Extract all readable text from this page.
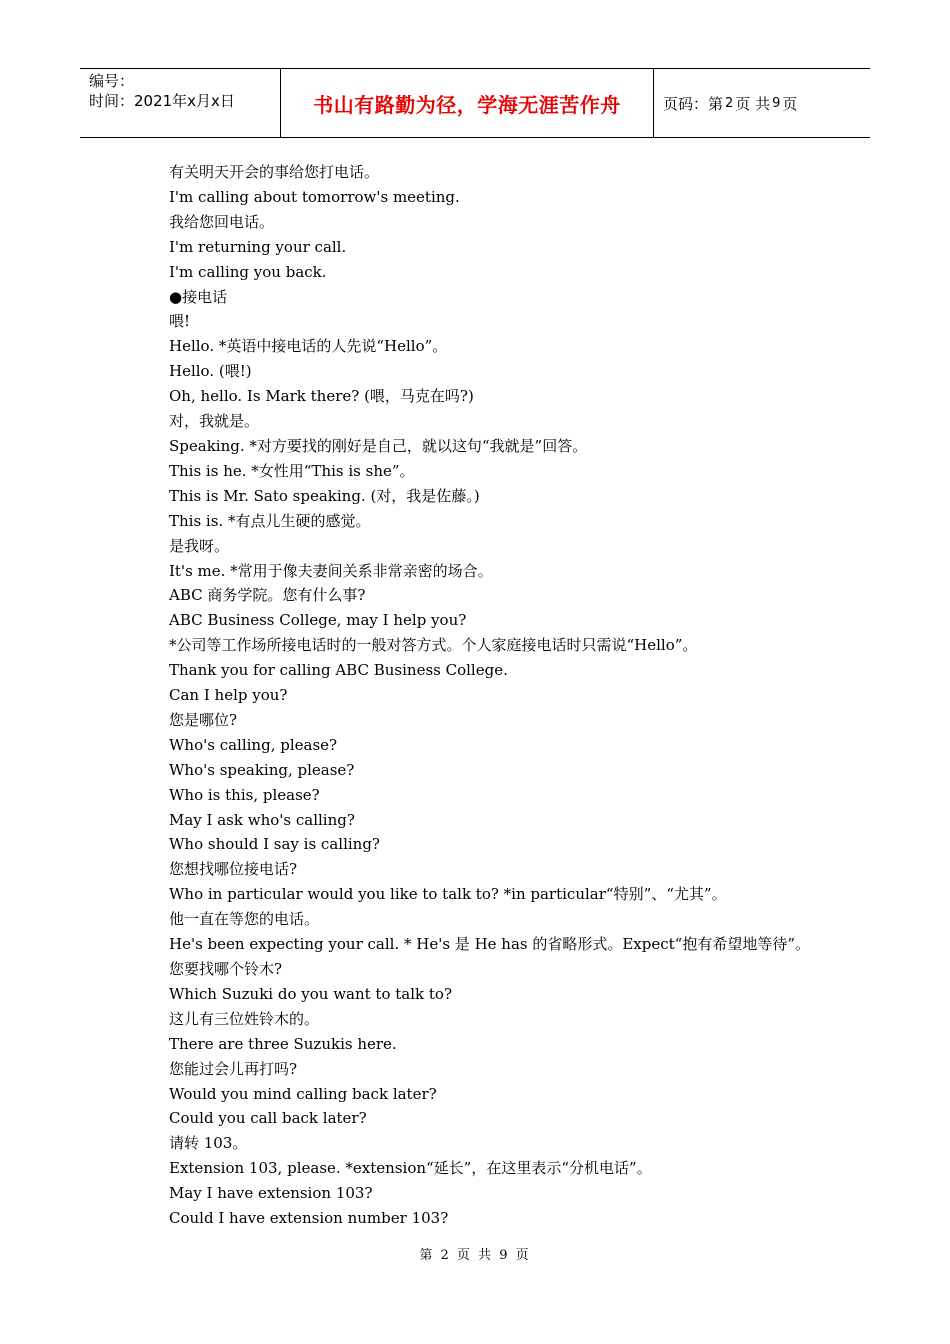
编号：
时间：2021年x月x日	书山有路勤为径，学海无涯苦作舟	页码：第 2 页 共 9 页
有关明天开会的事给您打电话。
I'm calling about tomorrow's meeting.
我给您回电话。
I'm returning your call.
I'm calling you back.
●接电话
喂!
Hello. *英语中接电话的人先说“Hello”。
Hello. (喂!)
Oh, hello. Is Mark there? (喂，马克在吗?)
对，我就是。
Speaking. *对方要找的刚好是自己，就以这句“我就是”回答。
This is he. *女性用“This is she”。
This is Mr. Sato speaking. (对，我是佐藤。)
This is. *有点儿生硬的感觉。
是我呀。
It's me. *常用于像夫妻间关系非常亲密的场合。
ABC 商务学院。您有什么事?
ABC Business College, may I help you?
*公司等工作场所接电话时的一般对答方式。个人家庭接电话时只需说“Hello”。
Thank you for calling ABC Business College.
Can I help you?
您是哪位?
Who's calling, please?
Who's speaking, please?
Who is this, please?
May I ask who's calling?
Who should I say is calling?
您想找哪位接电话?
Who in particular would you like to talk to? *in particular“特别”、“尤其”。
他一直在等您的电话。
He's been expecting your call. * He's 是 He has 的省略形式。Expect“抱有希望地等待”。
您要找哪个铃木?
Which Suzuki do you want to talk to?
这儿有三位姓铃木的。
There are three Suzukis here.
您能过会儿再打吗?
Would you mind calling back later?
Could you call back later?
请转 103。
Extension 103, please. *extension“延长”，在这里表示“分机电话”。
May I have extension 103?
Could I have extension number 103?
第 2 页 共 9 页
